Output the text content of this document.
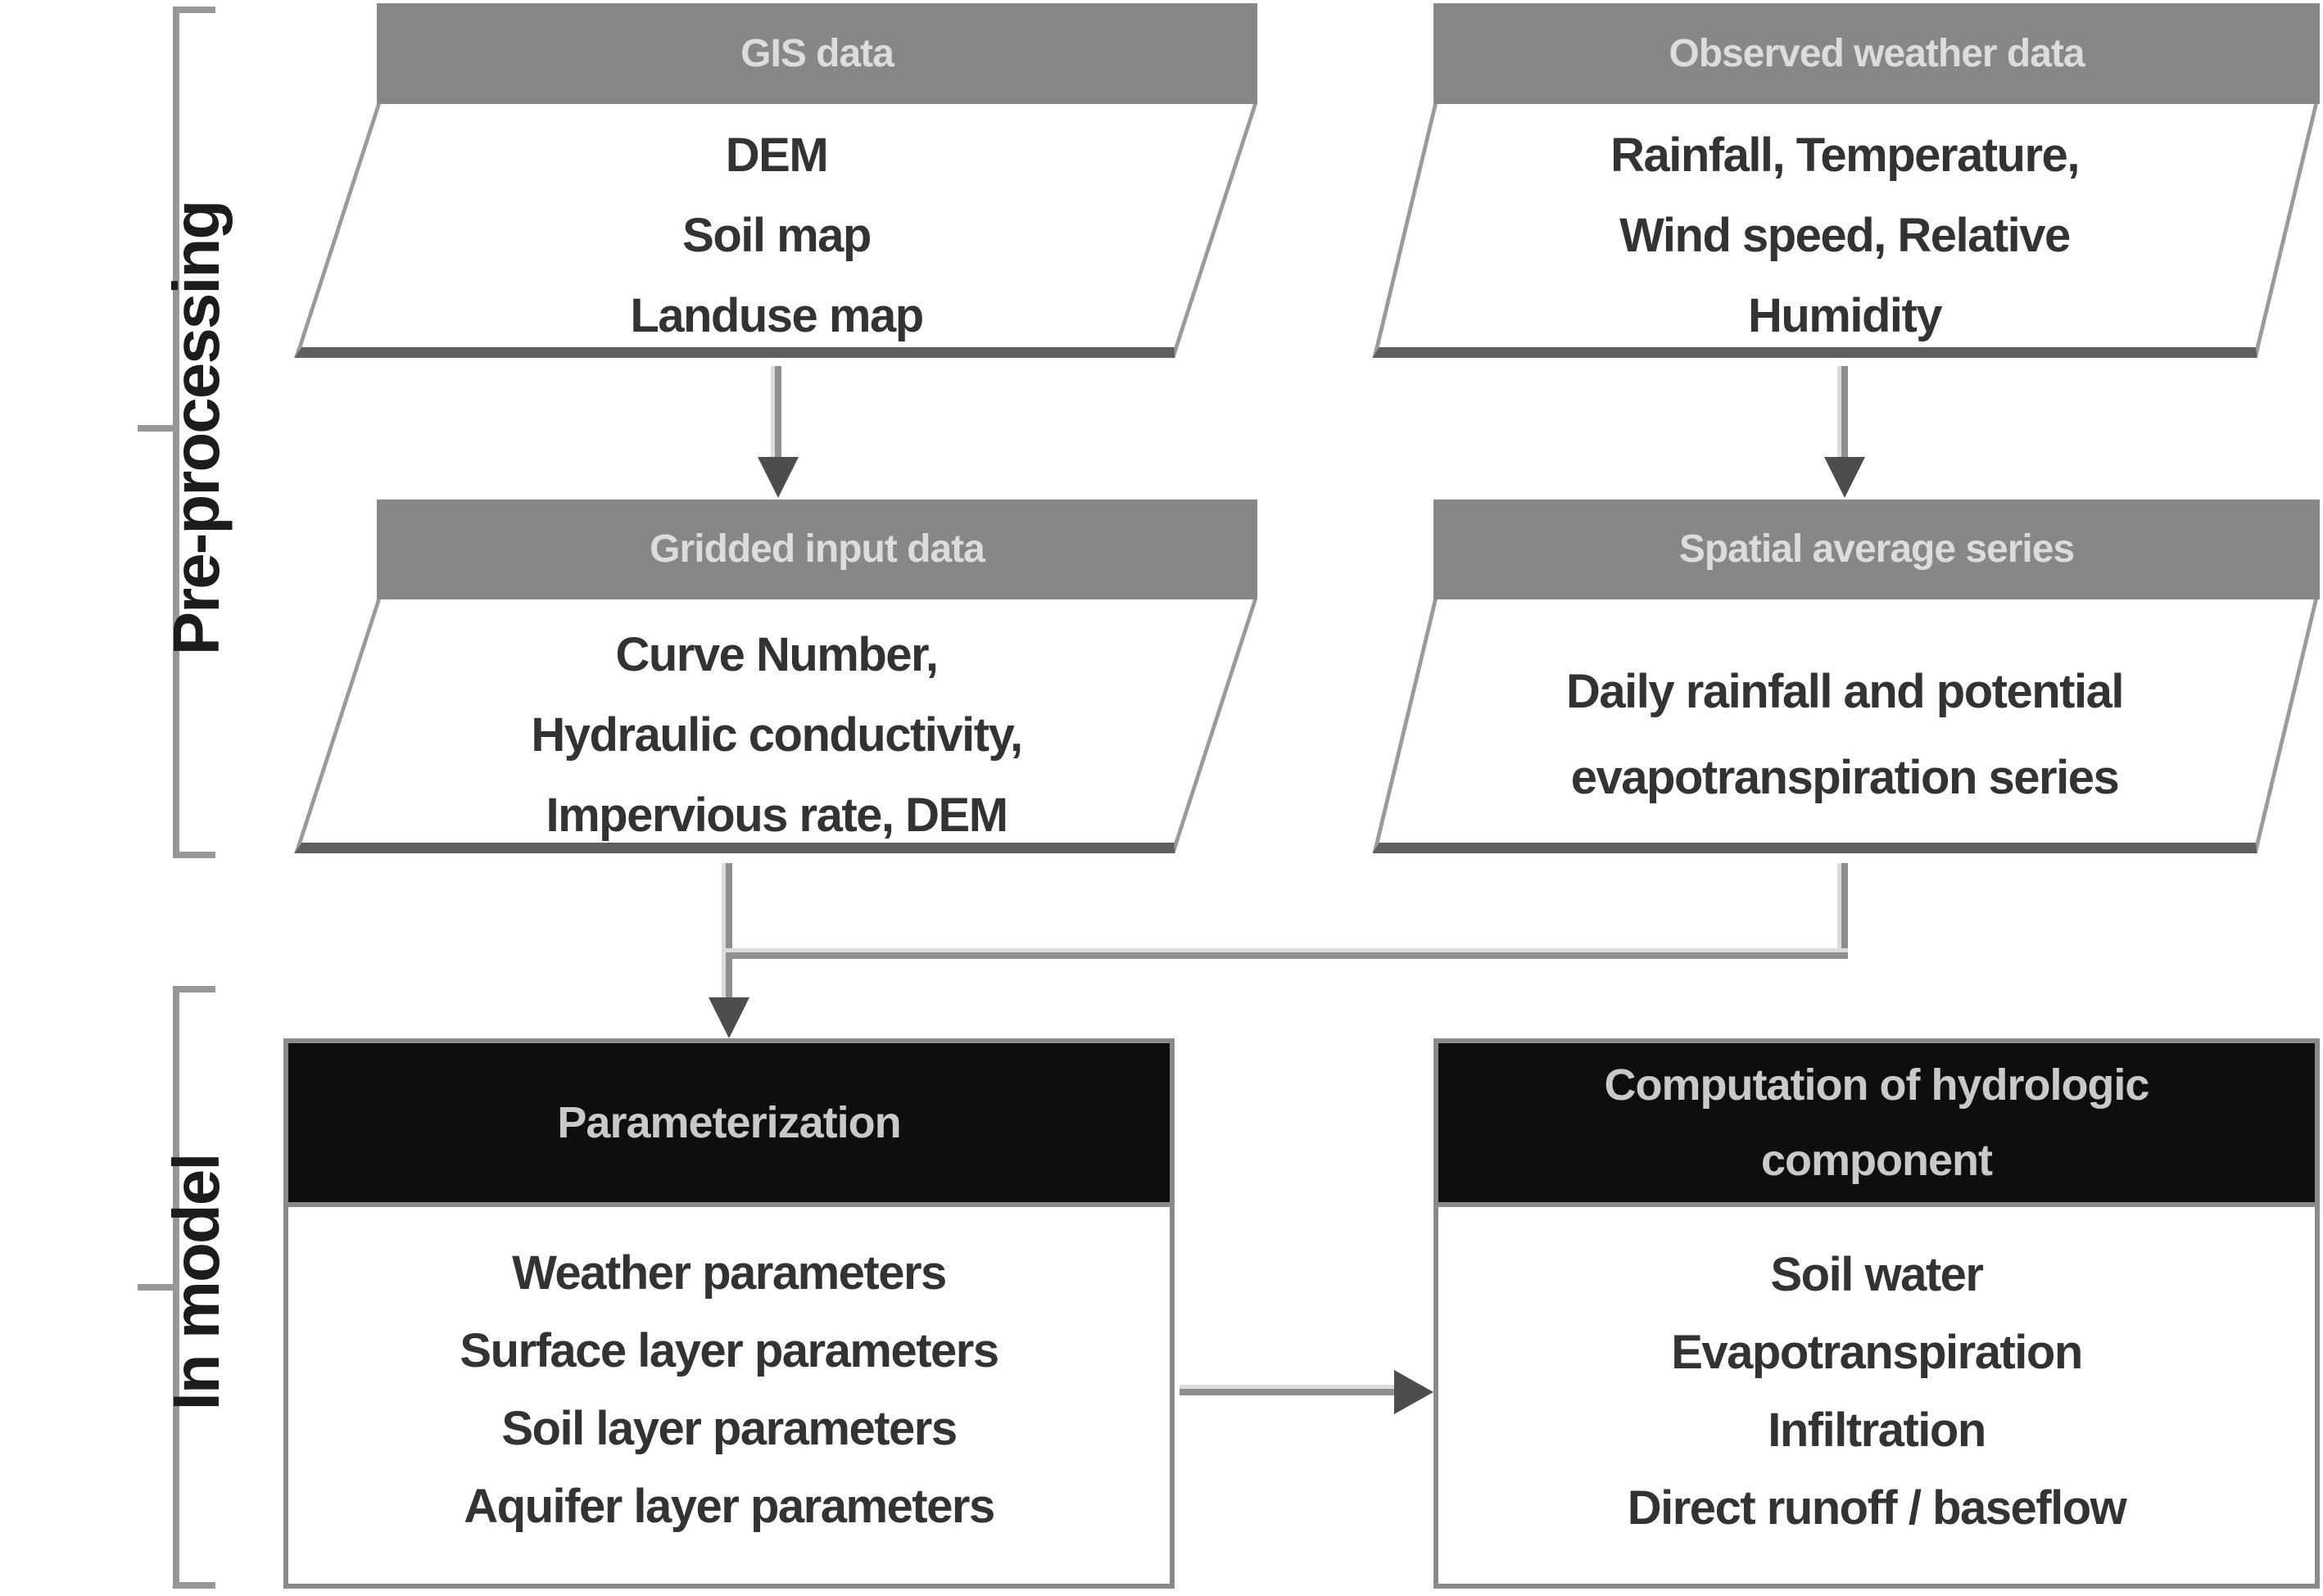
Pre-processing
In model
GIS data
DEM
Soil map
Landuse map
Observed weather data
Rainfall, Temperature,
Wind speed, Relative
Humidity
Gridded input data
Curve Number,
Hydraulic conductivity,
Impervious rate, DEM
Spatial average series
Daily rainfall and potential
evapotranspiration series
Parameterization
Weather parameters
Surface layer parameters
Soil layer parameters
Aquifer layer parameters
Computation of hydrologic
component
Soil water
Evapotranspiration
Infiltration
Direct runoff / baseflow
